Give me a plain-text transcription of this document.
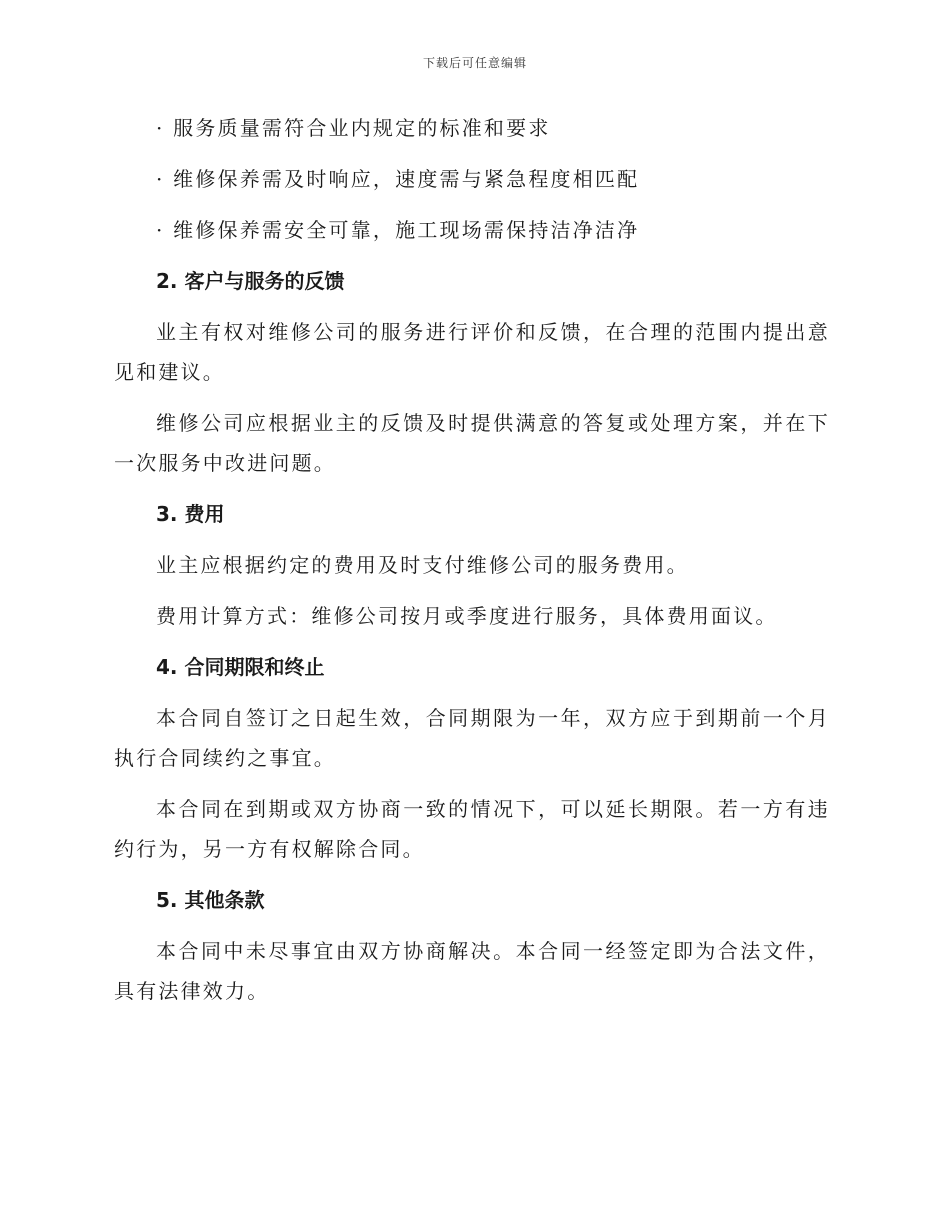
下载后可任意编辑
· 服务质量需符合业内规定的标准和要求
· 维修保养需及时响应，速度需与紧急程度相匹配
· 维修保养需安全可靠，施工现场需保持洁净洁净
2. 客户与服务的反馈

业主有权对维修公司的服务进行评价和反馈，在合理的范围内提出意见和建议。

维修公司应根据业主的反馈及时提供满意的答复或处理方案，并在下一次服务中改进问题。

3. 费用

业主应根据约定的费用及时支付维修公司的服务费用。

费用计算方式：维修公司按月或季度进行服务，具体费用面议。

4. 合同期限和终止

本合同自签订之日起生效，合同期限为一年，双方应于到期前一个月执行合同续约之事宜。

本合同在到期或双方协商一致的情况下，可以延长期限。若一方有违约行为，另一方有权解除合同。

5. 其他条款

本合同中未尽事宜由双方协商解决。本合同一经签定即为合法文件，具有法律效力。
